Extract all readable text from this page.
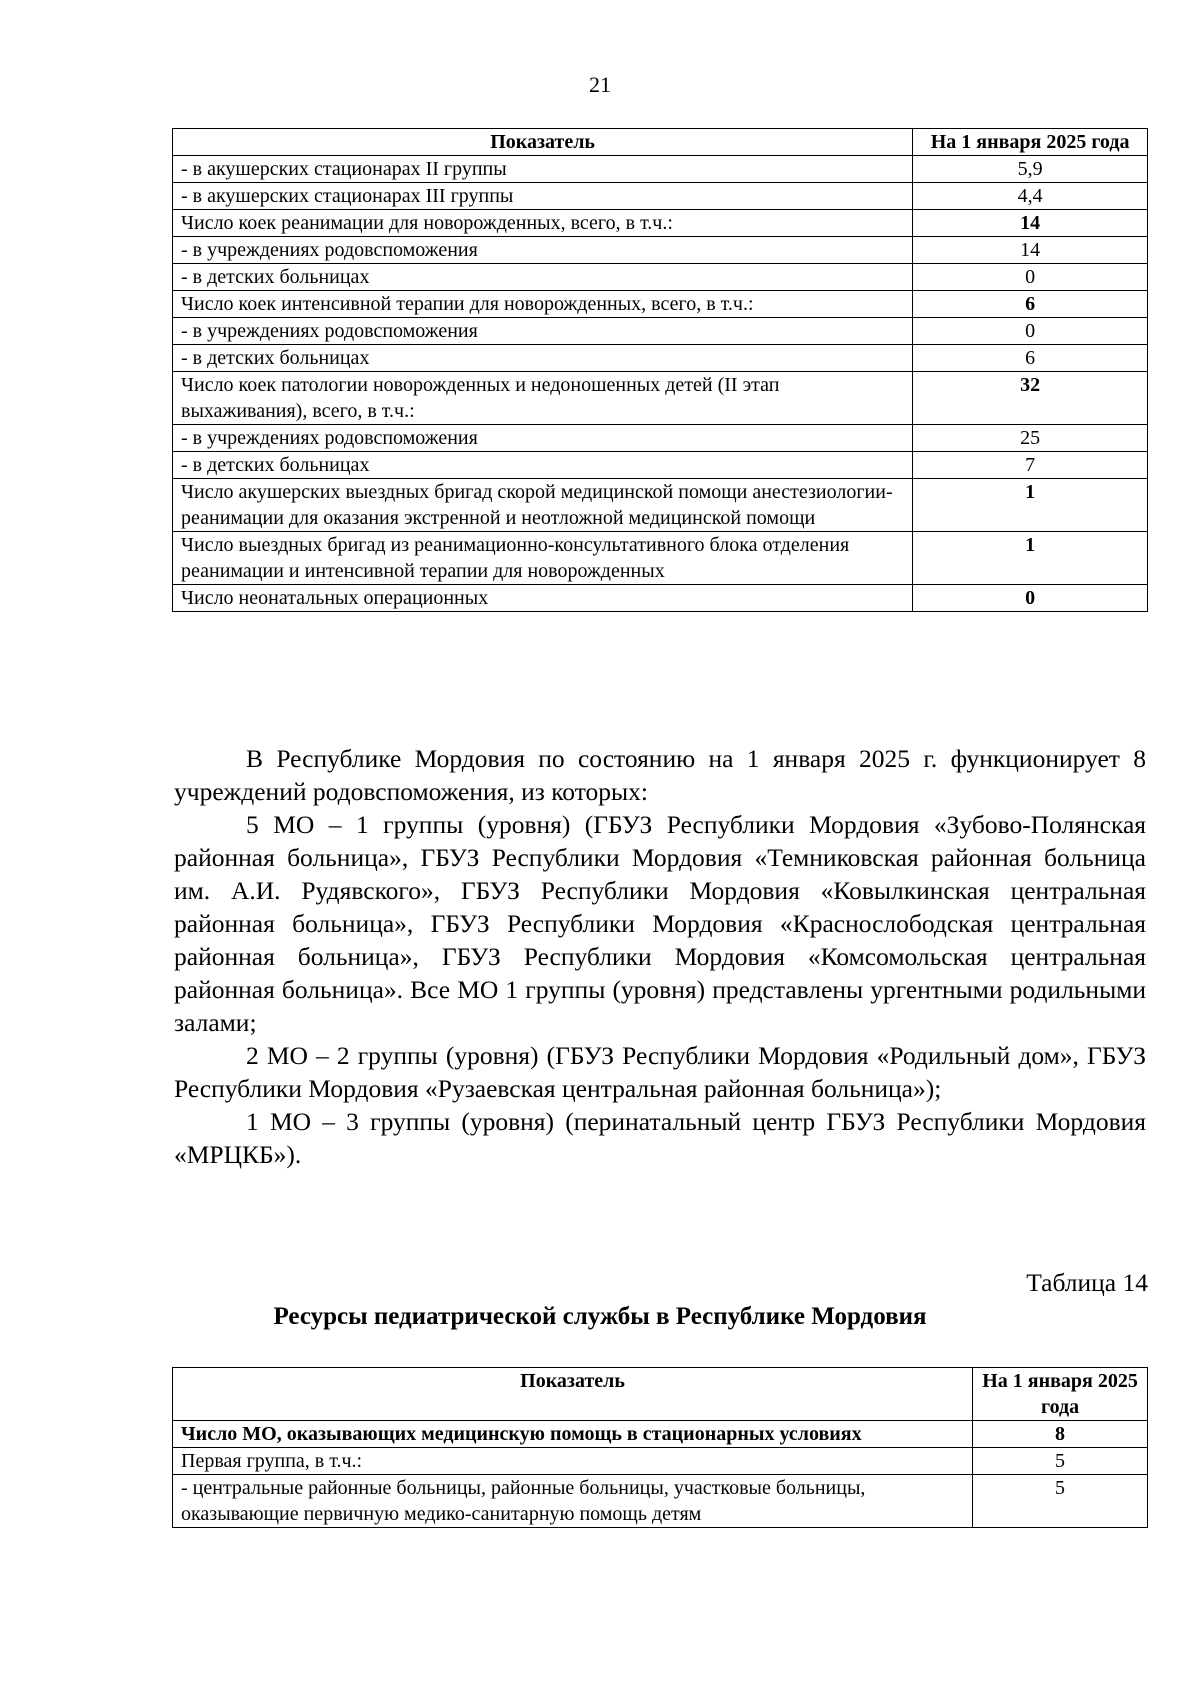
21
Показатель	На 1 января 2025 года
- в акушерских стационарах II группы	5,9
- в акушерских стационарах III группы	4,4
Число коек реанимации для новорожденных, всего, в т.ч.:	14
- в учреждениях родовспоможения	14
- в детских больницах	0
Число коек интенсивной терапии для новорожденных, всего, в т.ч.:	6
- в учреждениях родовспоможения	0
- в детских больницах	6
Число коек патологии новорожденных и недоношенных детей (II этап выхаживания), всего, в т.ч.:	32
- в учреждениях родовспоможения	25
- в детских больницах	7
Число акушерских выездных бригад скорой медицинской помощи анестезиологии-реанимации для оказания экстренной и неотложной медицинской помощи	1
Число выездных бригад из реанимационно-консультативного блока отделения реанимации и интенсивной терапии для новорожденных	1
Число неонатальных операционных	0

В Республике Мордовия по состоянию на 1 января 2025 г. функционирует 8 учреждений родовспоможения, из которых:

5 МО – 1 группы (уровня) (ГБУЗ Республики Мордовия «Зубово-Полянская районная больница», ГБУЗ Республики Мордовия «Темниковская районная больница им. А.И. Рудявского», ГБУЗ Республики Мордовия «Ковылкинская центральная районная больница», ГБУЗ Республики Мордовия «Краснослободская центральная районная больница», ГБУЗ Республики Мордовия «Комсомольская центральная районная больница». Все МО 1 группы (уровня) представлены ургентными родильными залами;

2 МО – 2 группы (уровня) (ГБУЗ Республики Мордовия «Родильный дом», ГБУЗ Республики Мордовия «Рузаевская центральная районная больница»);

1 МО – 3 группы (уровня) (перинатальный центр ГБУЗ Республики Мордовия «МРЦКБ»).

Таблица 14
Ресурсы педиатрической службы в Республике Мордовия
Показатель	На 1 января 2025 года
Число МО, оказывающих медицинскую помощь в стационарных условиях	8
Первая группа, в т.ч.:	5
- центральные районные больницы, районные больницы, участковые больницы, оказывающие первичную медико-санитарную помощь детям	5
